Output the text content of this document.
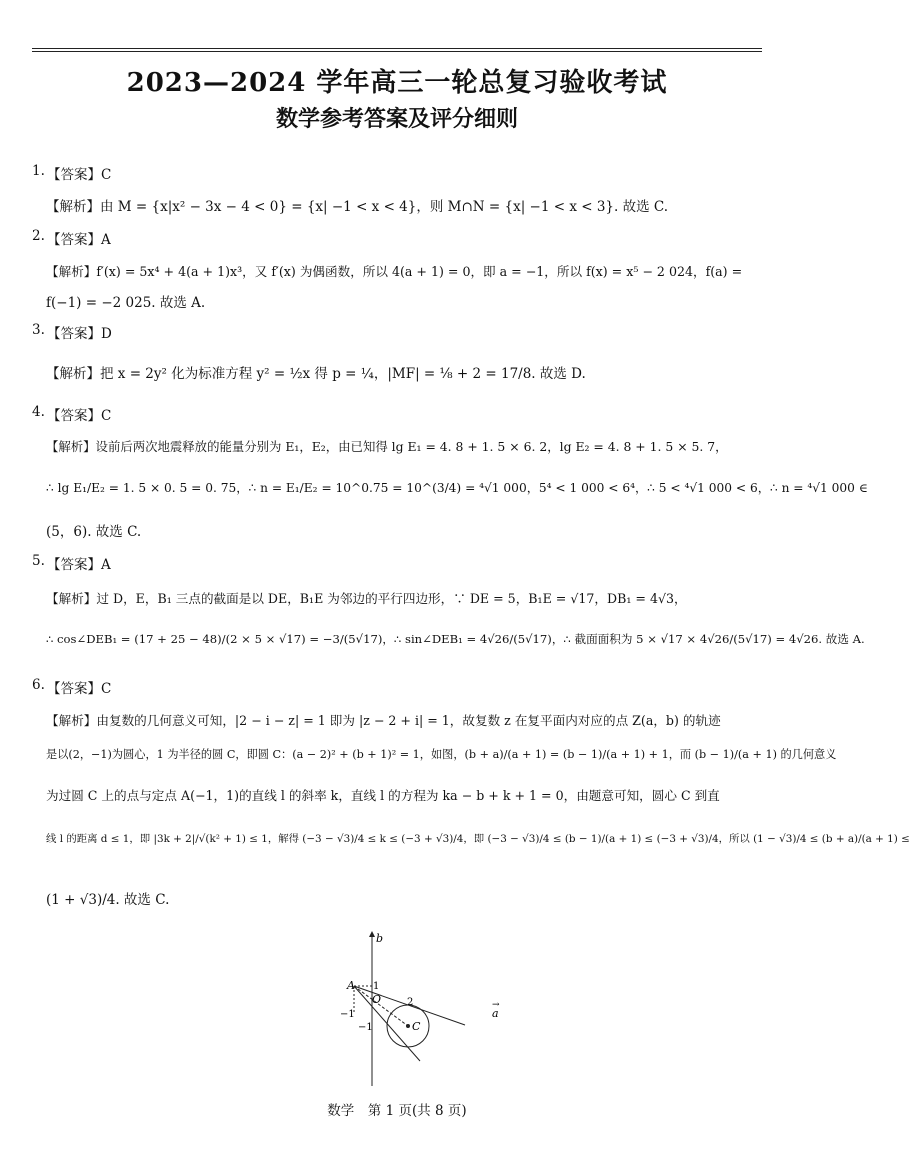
2023—2024 学年高三一轮总复习验收考试
数学参考答案及评分细则
1. 【答案】C
【解析】由 M = {x|x² − 3x − 4 < 0} = {x| −1 < x < 4}，则 M∩N = {x| −1 < x < 3}. 故选 C.
2. 【答案】A
【解析】f′(x) = 5x⁴ + 4(a + 1)x³，又 f′(x) 为偶函数，所以 4(a + 1) = 0，即 a = −1，所以 f(x) = x⁵ − 2 024，f(a) =
f(−1) = −2 025. 故选 A.
3. 【答案】D
【解析】把 x = 2y² 化为标准方程 y² = ½x 得 p = ¼，|MF| = ⅛ + 2 = 17/8. 故选 D.
4. 【答案】C
【解析】设前后两次地震释放的能量分别为 E₁，E₂，由已知得 lg E₁ = 4. 8 + 1. 5 × 6. 2，lg E₂ = 4. 8 + 1. 5 × 5. 7，
∴ lg E₁/E₂ = 1. 5 × 0. 5 = 0. 75，∴ n = E₁/E₂ = 10^0.75 = 10^(3/4) = ⁴√1 000，5⁴ < 1 000 < 6⁴，∴ 5 < ⁴√1 000 < 6，∴ n = ⁴√1 000 ∈
(5，6). 故选 C.
5. 【答案】A
【解析】过 D，E，B₁ 三点的截面是以 DE，B₁E 为邻边的平行四边形，∵ DE = 5，B₁E = √17，DB₁ = 4√3，
∴ cos∠DEB₁ = (17 + 25 − 48)/(2 × 5 × √17) = −3/(5√17)，∴ sin∠DEB₁ = 4√26/(5√17)，∴ 截面面积为 5 × √17 × 4√26/(5√17) = 4√26. 故选 A.
6. 【答案】C
【解析】由复数的几何意义可知，|2 − i − z| = 1 即为 |z − 2 + i| = 1，故复数 z 在复平面内对应的点 Z(a，b) 的轨迹
是以(2，−1)为圆心，1 为半径的圆 C，即圆 C：(a − 2)² + (b + 1)² = 1，如图，(b + a)/(a + 1) = (b − 1)/(a + 1) + 1，而 (b − 1)/(a + 1) 的几何意义
为过圆 C 上的点与定点 A(−1，1)的直线 l 的斜率 k，直线 l 的方程为 ka − b + k + 1 = 0，由题意可知，圆心 C 到直
线 l 的距离 d ≤ 1，即 |3k + 2|/√(k² + 1) ≤ 1，解得 (−3 − √3)/4 ≤ k ≤ (−3 + √3)/4，即 (−3 − √3)/4 ≤ (b − 1)/(a + 1) ≤ (−3 + √3)/4，所以 (1 − √3)/4 ≤ (b + a)/(a + 1) ≤
(1 + √3)/4. 故选 C.
b
C
A 1
O	2
−1
−1
a
→
数学　第 1 页(共 8 页)
